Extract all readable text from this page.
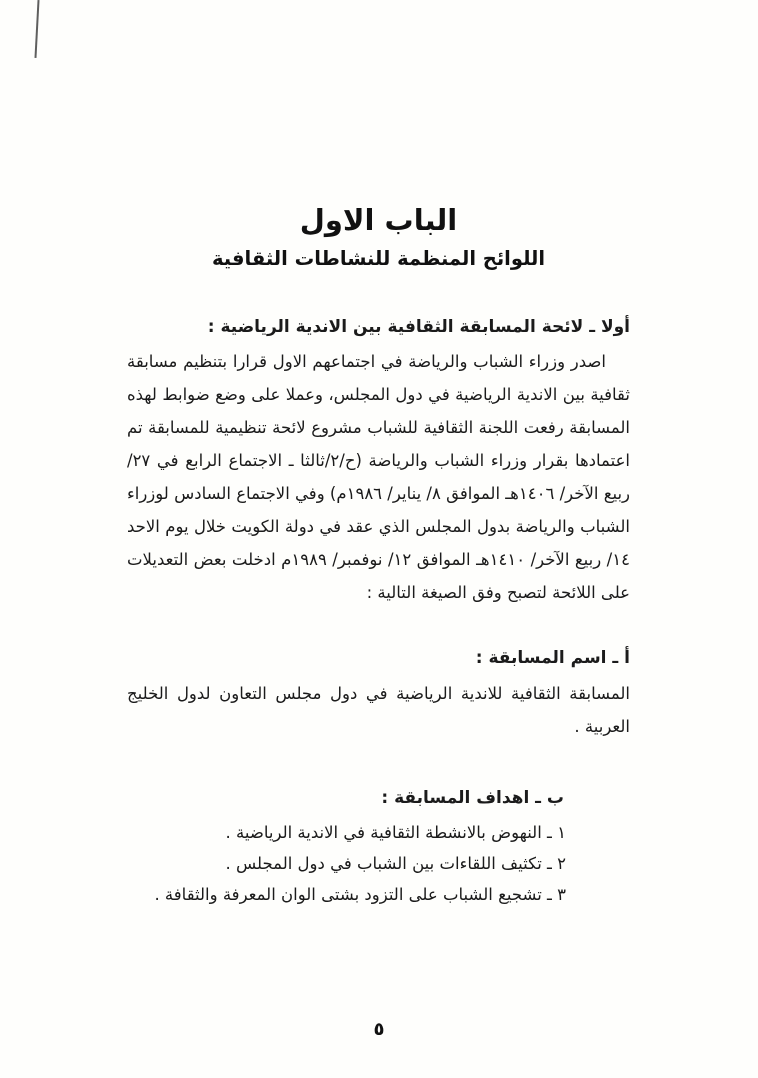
الباب الاول
اللوائح المنظمة للنشاطات الثقافية

أولا ـ لائحة المسابقة الثقافية بين الاندية الرياضية :

اصدر وزراء الشباب والرياضة في اجتماعهم الاول قرارا بتنظيم مسابقة ثقافية بين الاندية الرياضية في دول المجلس، وعملا على وضع ضوابط لهذه المسابقة رفعت اللجنة الثقافية للشباب مشروع لائحة تنظيمية للمسابقة تم اعتمادها بقرار وزراء الشباب والرياضة (ح/٢/ثالثا ـ الاجتماع الرابع في ٢٧/ ربيع الآخر/ ١٤٠٦هـ الموافق ٨/ يناير/ ١٩٨٦م) وفي الاجتماع السادس لوزراء الشباب والرياضة بدول المجلس الذي عقد في دولة الكويت خلال يوم الاحد ١٤/ ربيع الآخر/ ١٤١٠هـ الموافق ١٢/ نوفمبر/ ١٩٨٩م ادخلت بعض التعديلات على اللائحة لتصبح وفق الصيغة التالية :

أ ـ اسم المسابقة :

المسابقة الثقافية للاندية الرياضية في دول مجلس التعاون لدول الخليج العربية .

ب ـ اهداف المسابقة :

١ ـ النهوض بالانشطة الثقافية في الاندية الرياضية .

٢ ـ تكثيف اللقاءات بين الشباب في دول المجلس .

٣ ـ تشجيع الشباب على التزود بشتى الوان المعرفة والثقافة .

٥
